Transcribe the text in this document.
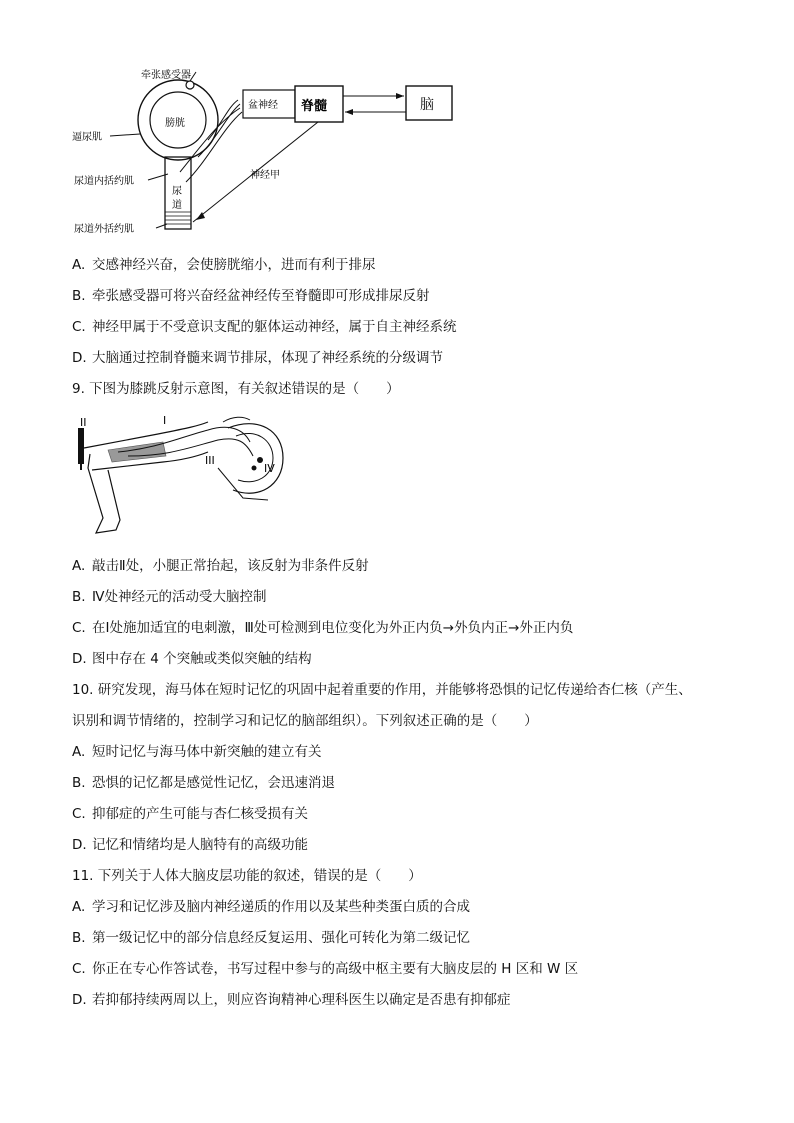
牵张感受器
逼尿肌
尿道内括约肌
尿道外括约肌
膀胱
尿
道
盆神经 脊髓	脑
神经甲
A. 交感神经兴奋，会使膀胱缩小，进而有利于排尿
B. 牵张感受器可将兴奋经盆神经传至脊髓即可形成排尿反射
C. 神经甲属于不受意识支配的躯体运动神经，属于自主神经系统
D. 大脑通过控制脊髓来调节排尿，体现了神经系统的分级调节
9. 下图为膝跳反射示意图，有关叙述错误的是（　　）
II	I
III
IV
A. 敲击Ⅱ处，小腿正常抬起，该反射为非条件反射
B. Ⅳ处神经元的活动受大脑控制
C. 在Ⅰ处施加适宜的电刺激，Ⅲ处可检测到电位变化为外正内负→外负内正→外正内负
D. 图中存在 4 个突触或类似突触的结构
10. 研究发现，海马体在短时记忆的巩固中起着重要的作用，并能够将恐惧的记忆传递给杏仁核（产生、
识别和调节情绪的，控制学习和记忆的脑部组织）。下列叙述正确的是（　　）
A. 短时记忆与海马体中新突触的建立有关
B. 恐惧的记忆都是感觉性记忆，会迅速消退
C. 抑郁症的产生可能与杏仁核受损有关
D. 记忆和情绪均是人脑特有的高级功能
11. 下列关于人体大脑皮层功能的叙述，错误的是（　　）
A. 学习和记忆涉及脑内神经递质的作用以及某些种类蛋白质的合成
B. 第一级记忆中的部分信息经反复运用、强化可转化为第二级记忆
C. 你正在专心作答试卷，书写过程中参与的高级中枢主要有大脑皮层的 H 区和 W 区
D. 若抑郁持续两周以上，则应咨询精神心理科医生以确定是否患有抑郁症
